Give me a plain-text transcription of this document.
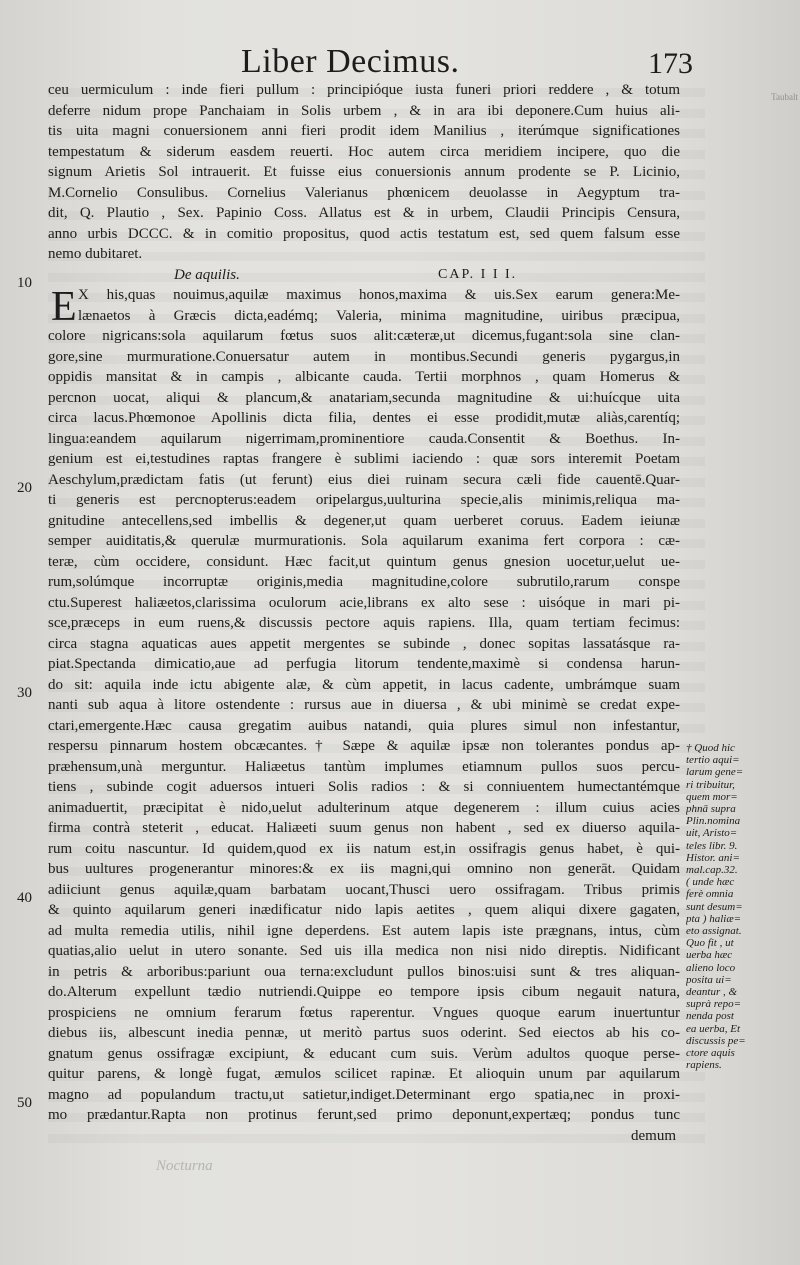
Liber Decimus.	173
Taubalt
ceu uermiculum : inde fieri pullum : principióque iusta funeri priori reddere , & totum
deferre nidum prope Panchaiam in Solis urbem , & in ara ibi deponere.Cum huius ali-
tis uita magni conuersionem anni fieri prodit idem Manilius , iterúmque significationes
tempestatum & siderum easdem reuerti. Hoc autem circa meridiem incipere, quo die
signum Arietis Sol intrauerit. Et fuisse eius conuersionis annum prodente se P. Licinio,
M.Cornelio Consulibus. Cornelius Valerianus phœnicem deuolasse in Aegyptum tra-
dit, Q. Plautio , Sex. Papinio Coss. Allatus est & in urbem, Claudii Principis Censura,
anno urbis DCCC. & in comitio propositus, quod actis testatum est, sed quem falsum esse
nemo dubitaret.
De aquilis.	CAP. I I I.
E X his,quas nouimus,aquilæ maximus honos,maxima & uis.Sex earum genera:Me-
lænaetos à Græcis dicta,eadémq; Valeria, minima magnitudine, uiribus præcipua,
colore nigricans:sola aquilarum fœtus suos alit:cæteræ,ut dicemus,fugant:sola sine clan-
gore,sine murmuratione.Conuersatur autem in montibus.Secundi generis pygargus,in
oppidis mansitat & in campis , albicante cauda. Tertii morphnos , quam Homerus &
percnon uocat, aliqui & plancum,& anatariam,secunda magnitudine & ui:huícque uita
circa lacus.Phœmonoe Apollinis dicta filia, dentes ei esse prodidit,mutæ aliàs,carentíq;
lingua:eandem aquilarum nigerrimam,prominentiore cauda.Consentit & Boethus. In-
genium est ei,testudines raptas frangere è sublimi iaciendo : quæ sors interemit Poetam
Aeschylum,prædictam fatis (ut ferunt) eius diei ruinam secura cæli fide cauentē.Quar-
ti generis est percnopterus:eadem oripelargus,uulturina specie,alis minimis,reliqua ma-
gnitudine antecellens,sed imbellis & degener,ut quam uerberet coruus. Eadem ieiunæ
semper auiditatis,& querulæ murmurationis. Sola aquilarum exanima fert corpora : cæ-
teræ, cùm occidere, considunt. Hæc facit,ut quintum genus gnesion uocetur,uelut ue-
rum,solúmque incorruptæ originis,media magnitudine,colore subrutilo,rarum conspe
ctu.Superest haliæetos,clarissima oculorum acie,librans ex alto sese : uisóque in mari pi-
sce,præceps in eum ruens,& discussis pectore aquis rapiens. Illa, quam tertiam fecimus:
circa stagna aquaticas aues appetit mergentes se subinde , donec sopitas lassatásque ra-
piat.Spectanda dimicatio,aue ad perfugia litorum tendente,maximè si condensa harun-
do sit: aquila inde ictu abigente alæ, & cùm appetit, in lacus cadente, umbrámque suam
nanti sub aqua à litore ostendente : rursus aue in diuersa , & ubi minimè se credat expe-
ctari,emergente.Hæc causa gregatim auibus natandi, quia plures simul non infestantur,
respersu pinnarum hostem obcæcantes.† Sæpe & aquilæ ipsæ non tolerantes pondus ap-
præhensum,unà merguntur. Haliæetus tantùm implumes etiamnum pullos suos percu-
tiens , subinde cogit aduersos intueri Solis radios : & si conniuentem humectantémque
animaduertit, præcipitat è nido,uelut adulterinum atque degenerem : illum cuius acies
firma contrà steterit , educat. Haliæeti suum genus non habent , sed ex diuerso aquila-
rum coitu nascuntur. Id quidem,quod ex iis natum est,in ossifragis genus habet, è qui-
bus uultures progenerantur minores:& ex iis magni,qui omnino non generāt. Quidam
adiiciunt genus aquilæ,quam barbatam uocant,Thusci uero ossifragam. Tribus primis
& quinto aquilarum generi inædificatur nido lapis aetites , quem aliqui dixere gagaten,
ad multa remedia utilis, nihil igne deperdens. Est autem lapis iste prægnans, intus, cùm
quatias,alio uelut in utero sonante. Sed uis illa medica non nisi nido direptis. Nidificant
in petris & arboribus:pariunt oua terna:excludunt pullos binos:uisi sunt & tres aliquan-
do.Alterum expellunt tædio nutriendi.Quippe eo tempore ipsis cibum negauit natura,
prospiciens ne omnium ferarum fœtus raperentur. Vngues quoque earum inuertuntur
diebus iis, albescunt inedia pennæ, ut meritò partus suos oderint. Sed eiectos ab his co-
gnatum genus ossifragæ excipiunt, & educant cum suis. Verùm adultos quoque perse-
quitur parens, & longè fugat, æmulos scilicet rapinæ. Et alioquin unum par aquilarum
magno ad populandum tractu,ut satietur,indiget.Determinant ergo spatia,nec in proxi-
mo prædantur.Rapta non protinus ferunt,sed primo deponunt,expertæq; pondus tunc
demum
10
20
30
40
50
† Quod hic
tertio aqui=
larum gene=
ri tribuitur,
quem mor=
phnā supra
Plin.nomina
uit, Aristo=
teles libr. 9.
Histor. ani=
mal.cap.32.
( unde hæc
ferè omnia
sunt desum=
pta ) haliæ=
eto assignat.
Quo fit , ut
uerba hæc
alieno loco
posita ui=
deantur , &
suprà repo=
nenda post
ea uerba, Et
discussis pe=
ctore aquis
rapiens.
Nocturna
